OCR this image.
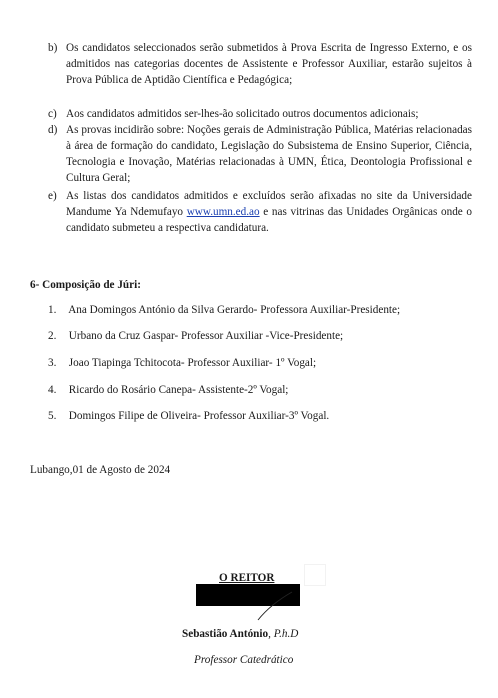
b) Os candidatos seleccionados serão submetidos à Prova Escrita de Ingresso Externo, e os admitidos nas categorias docentes de Assistente e Professor Auxiliar, estarão sujeitos à Prova Pública de Aptidão Científica e Pedagógica;

c) Aos candidatos admitidos ser-lhes-ão solicitado outros documentos adicionais;

d) As provas incidirão sobre: Noções gerais de Administração Pública, Matérias relacionadas à área de formação do candidato, Legislação do Subsistema de Ensino Superior, Ciência, Tecnologia e Inovação, Matérias relacionadas à UMN, Ética, Deontologia Profissional e Cultura Geral;

e) As listas dos candidatos admitidos e excluídos serão afixadas no site da Universidade Mandume Ya Ndemufayo www.umn.ed.ao e nas vitrinas das Unidades Orgânicas onde o candidato submeteu a respectiva candidatura.

6- Composição de Júri:
1. Ana Domingos António da Silva Gerardo- Professora Auxiliar-Presidente;
2. Urbano da Cruz Gaspar- Professor Auxiliar -Vice-Presidente;
3. Joao Tiapinga Tchitocota- Professor Auxiliar- 1º Vogal;
4. Ricardo do Rosário Canepa- Assistente-2º Vogal;
5. Domingos Filipe de Oliveira- Professor Auxiliar-3º Vogal.
Lubango,01 de Agosto de 2024
O REITOR
Sebastião António, P.h.D
Professor Catedrático
